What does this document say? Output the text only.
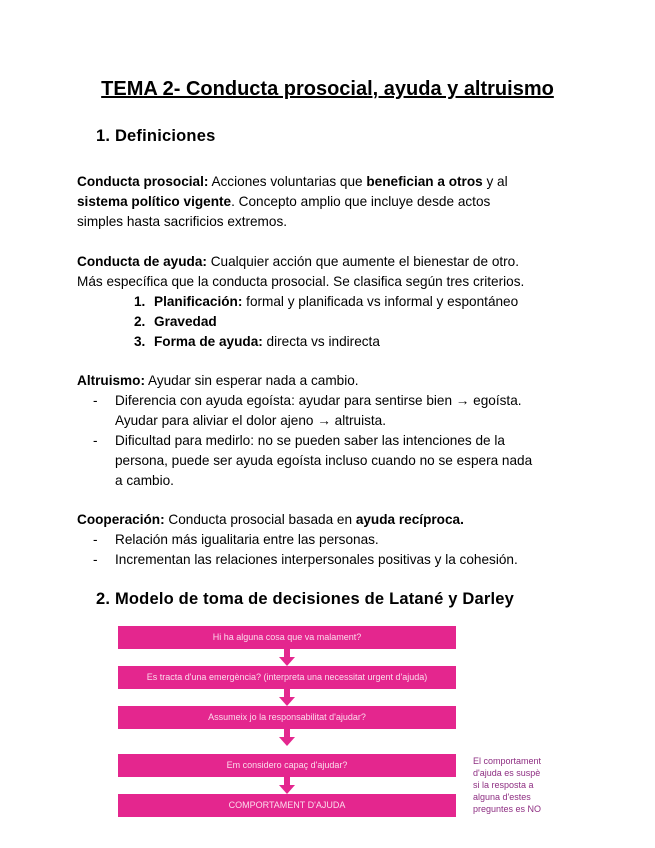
TEMA 2- Conducta prosocial, ayuda y altruismo
1. Definiciones
Conducta prosocial: Acciones voluntarias que benefician a otros y al
sistema político vigente. Concepto amplio que incluye desde actos
simples hasta sacrificios extremos.
Conducta de ayuda: Cualquier acción que aumente el bienestar de otro.
Más específica que la conducta prosocial. Se clasifica según tres criterios.
1. Planificación: formal y planificada vs informal y espontáneo
2. Gravedad
3. Forma de ayuda: directa vs indirecta
Altruismo: Ayudar sin esperar nada a cambio.
- Diferencia con ayuda egoísta: ayudar para sentirse bien → egoísta.
Ayudar para aliviar el dolor ajeno → altruista.
- Dificultad para medirlo: no se pueden saber las intenciones de la
persona, puede ser ayuda egoísta incluso cuando no se espera nada
a cambio.
Cooperación: Conducta prosocial basada en ayuda recíproca.
- Relación más igualitaria entre las personas.
- Incrementan las relaciones interpersonales positivas y la cohesión.
2. Modelo de toma de decisiones de Latané y Darley
Hi ha alguna cosa que va malament?
Es tracta d'una emergència? (interpreta una necessitat urgent d'ajuda)
Assumeix jo la responsabilitat d'ajudar?
Em considero capaç d'ajudar?
COMPORTAMENT D'AJUDA
El comportament
d'ajuda es suspè
si la resposta a
alguna d'estes
preguntes es NO
